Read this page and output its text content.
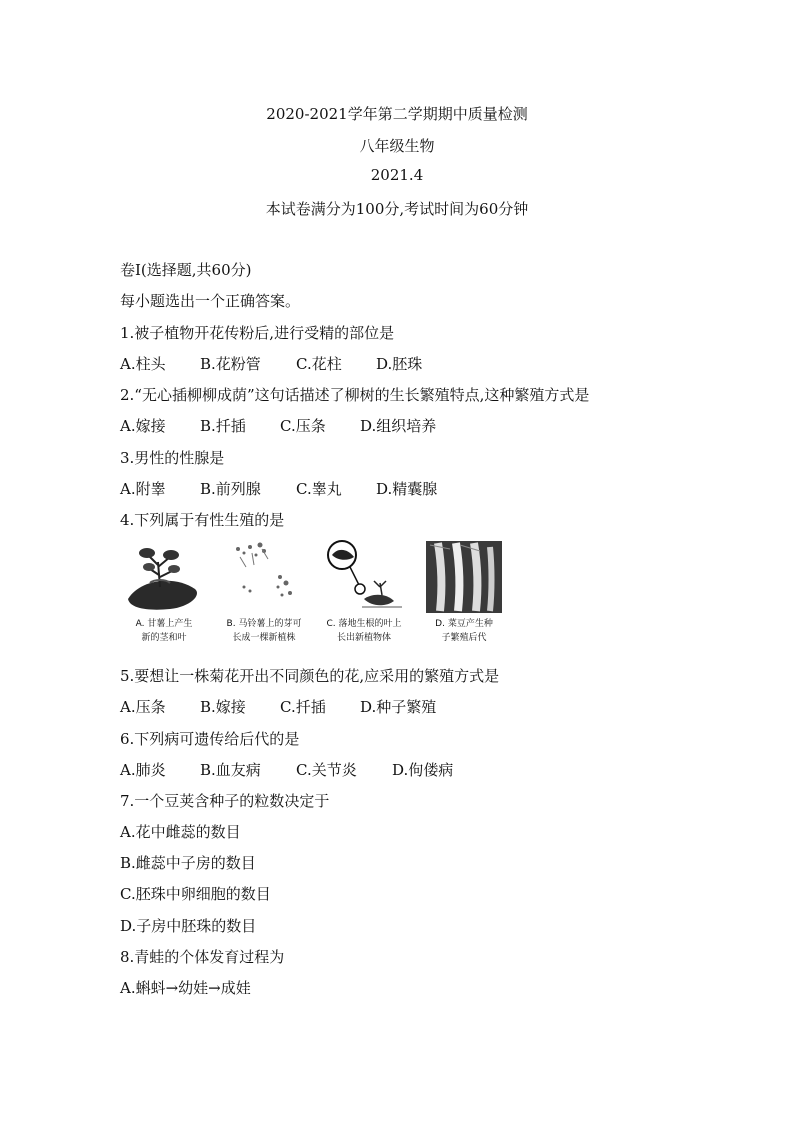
2020-2021学年第二学期期中质量检测
八年级生物
2021.4
本试卷满分为100分,考试时间为60分钟
卷Ⅰ(选择题,共60分)
每小题选出一个正确答案。
1.被子植物开花传粉后,进行受精的部位是
A.柱头 B.花粉管 C.花柱 D.胚珠
2.“无心插柳柳成荫”这句话描述了柳树的生长繁殖特点,这种繁殖方式是
A.嫁接 B.扦插 C.压条 D.组织培养
3.男性的性腺是
A.附睾 B.前列腺 C.睾丸 D.精囊腺
4.下列属于有性生殖的是
A. 甘薯上产生
新的茎和叶
B. 马铃薯上的芽可
长成一棵新植株
C. 落地生根的叶上
长出新植物体
D. 菜豆产生种
子繁殖后代
5.要想让一株菊花开出不同颜色的花,应采用的繁殖方式是
A.压条 B.嫁接 C.扦插 D.种子繁殖
6.下列病可遗传给后代的是
A.肺炎 B.血友病 C.关节炎 D.佝偻病
7.一个豆荚含种子的粒数决定于
A.花中雌蕊的数目
B.雌蕊中子房的数目
C.胚珠中卵细胞的数目
D.子房中胚珠的数目
8.青蛙的个体发育过程为
A.蝌蚪→幼娃→成娃
